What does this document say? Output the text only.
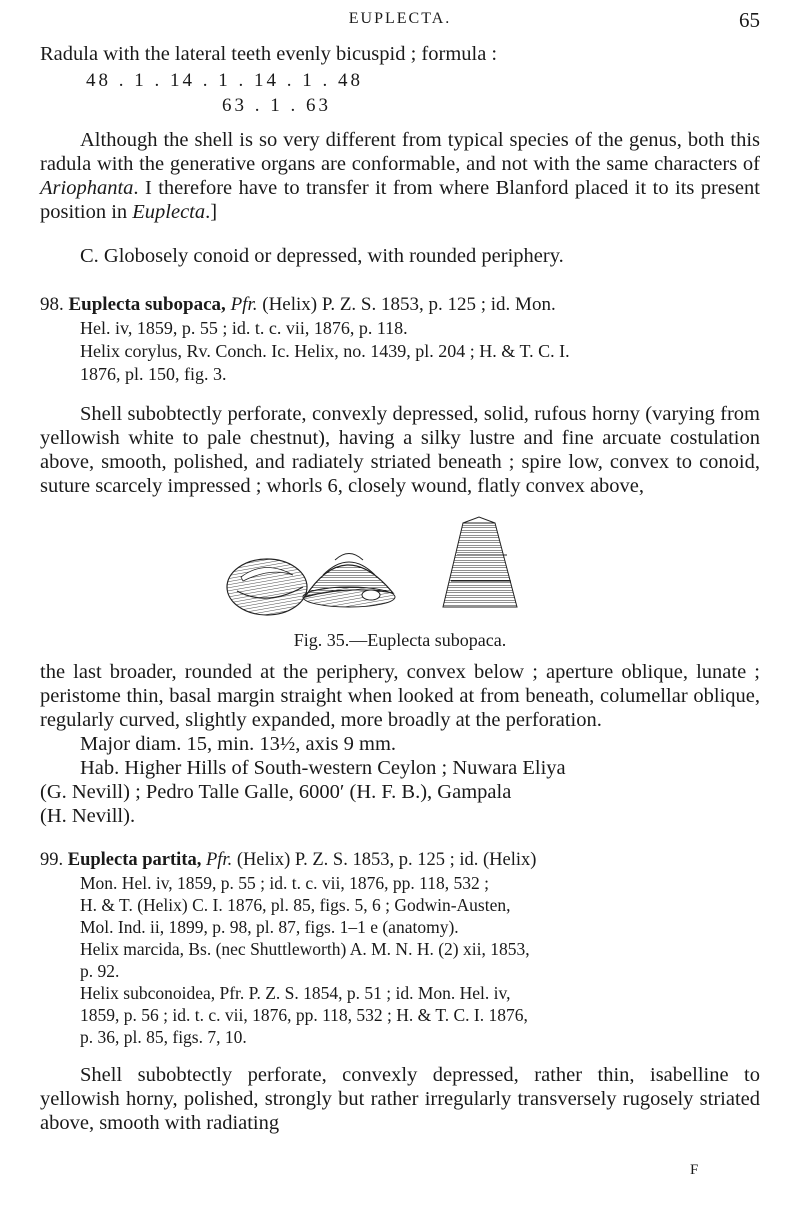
EUPLECTA.	65
Radula with the lateral teeth evenly bicuspid ; formula :
48 . 1 . 14 . 1 . 14 . 1 . 48
63 . 1 . 63

Although the shell is so very different from typical species of the genus, both this radula with the generative organs are conformable, and not with the same characters of Ariophanta. I therefore have to transfer it from where Blanford placed it to its present position in Euplecta.]

C. Globosely conoid or depressed, with rounded periphery.
98. Euplecta subopaca, Pfr. (Helix) P. Z. S. 1853, p. 125 ; id. Mon.
Hel. iv, 1859, p. 55 ; id. t. c. vii, 1876, p. 118.
Helix corylus, Rv. Conch. Ic. Helix, no. 1439, pl. 204 ; H. & T. C. I.
1876, pl. 150, fig. 3.

Shell subobtectly perforate, convexly depressed, solid, rufous horny (varying from yellowish white to pale chestnut), having a silky lustre and fine arcuate costulation above, smooth, polished, and radiately striated beneath ; spire low, convex to conoid, suture scarcely impressed ; whorls 6, closely wound, flatly convex above,

Fig. 35.—Euplecta subopaca.

the last broader, rounded at the periphery, convex below ; aperture oblique, lunate ; peristome thin, basal margin straight when looked at from beneath, columellar oblique, regularly curved, slightly expanded, more broadly at the perforation.

Major diam. 15, min. 13½, axis 9 mm.
Hab. Higher Hills of South-western Ceylon ; Nuwara Eliya
(G. Nevill) ; Pedro Talle Galle, 6000′ (H. F. B.), Gampala
(H. Nevill).
99. Euplecta partita, Pfr. (Helix) P. Z. S. 1853, p. 125 ; id. (Helix)
Mon. Hel. iv, 1859, p. 55 ; id. t. c. vii, 1876, pp. 118, 532 ;
H. & T. (Helix) C. I. 1876, pl. 85, figs. 5, 6 ; Godwin-Austen,
Mol. Ind. ii, 1899, p. 98, pl. 87, figs. 1–1 e (anatomy).
Helix marcida, Bs. (nec Shuttleworth) A. M. N. H. (2) xii, 1853,
p. 92.
Helix subconoidea, Pfr. P. Z. S. 1854, p. 51 ; id. Mon. Hel. iv,
1859, p. 56 ; id. t. c. vii, 1876, pp. 118, 532 ; H. & T. C. I. 1876,
p. 36, pl. 85, figs. 7, 10.

Shell subobtectly perforate, convexly depressed, rather thin, isabelline to yellowish horny, polished, strongly but rather irregularly transversely rugosely striated above, smooth with radiating

F
